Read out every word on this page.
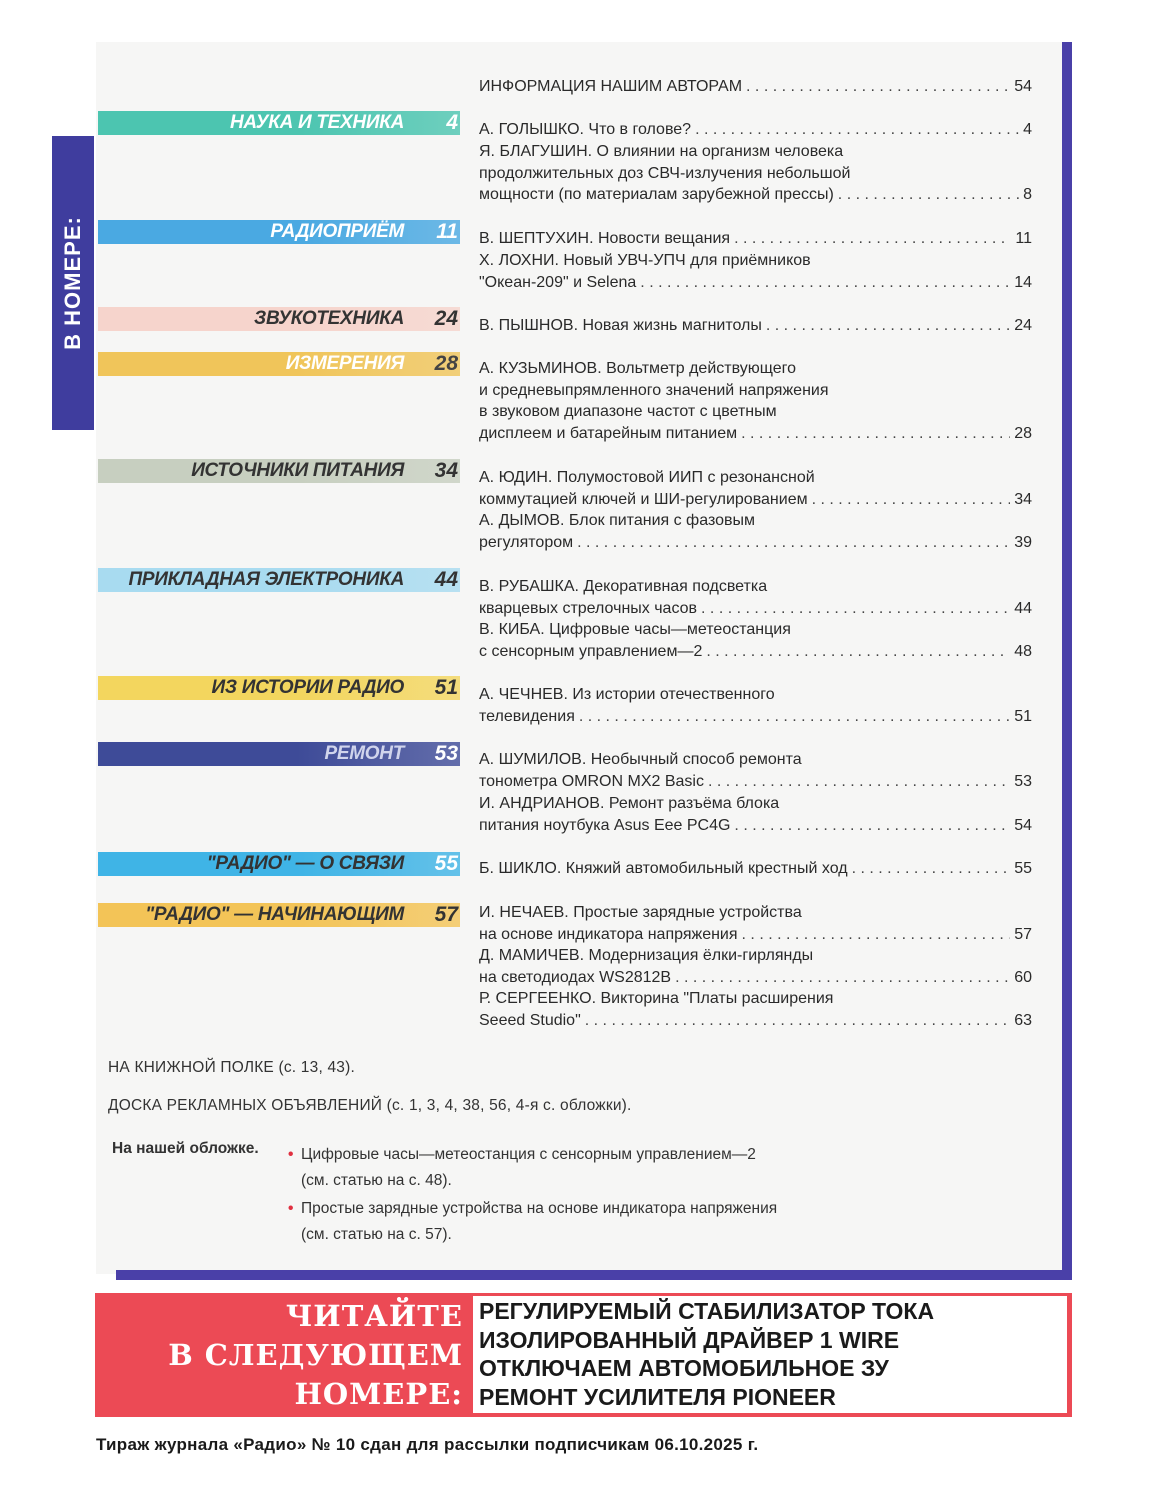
В НОМЕРЕ:
НАУКА И ТЕХНИКА 4
РАДИОПРИЁМ 11
ЗВУКОТЕХНИКА 24
ИЗМЕРЕНИЯ 28
ИСТОЧНИКИ ПИТАНИЯ 34
ПРИКЛАДНАЯ ЭЛЕКТРОНИКА 44
ИЗ ИСТОРИИ РАДИО 51
РЕМОНТ 53
"РАДИО" — О СВЯЗИ 55
"РАДИО" — НАЧИНАЮЩИМ 57
ИНФОРМАЦИЯ НАШИМ АВТОРАМ . . .	54
А. ГОЛЫШКО. Что в голове? . . .	4
Я. БЛАГУШИН. О влиянии на организм человека
продолжительных доз СВЧ-излучения небольшой
мощности (по материалам зарубежной прессы) . . .	8
В. ШЕПТУХИН. Новости вещания . . .	11
Х. ЛОХНИ. Новый УВЧ-УПЧ для приёмников
"Океан-209" и Selena . . .	14
В. ПЫШНОВ. Новая жизнь магнитолы . . .	24
А. КУЗЬМИНОВ. Вольтметр действующего
и средневыпрямленного значений напряжения
в звуковом диапазоне частот с цветным
дисплеем и батарейным питанием . . .	28
А. ЮДИН. Полумостовой ИИП с резонансной
коммутацией ключей и ШИ-регулированием . . .	34
А. ДЫМОВ. Блок питания с фазовым
регулятором . . .	39
В. РУБАШКА. Декоративная подсветка
кварцевых стрелочных часов . . .	44
В. КИБА. Цифровые часы—метеостанция
с сенсорным управлением—2 . . .	48
А. ЧЕЧНЕВ. Из истории отечественного
телевидения . . .	51
А. ШУМИЛОВ. Необычный способ ремонта
тонометра OMRON MX2 Basic . . .	53
И. АНДРИАНОВ. Ремонт разъёма блока
питания ноутбука Asus Eee PC4G . . .	54
Б. ШИКЛО. Княжий автомобильный крестный ход . . .	55
И. НЕЧАЕВ. Простые зарядные устройства
на основе индикатора напряжения . . .	57
Д. МАМИЧЕВ. Модернизация ёлки-гирлянды
на светодиодах WS2812B . . .	60
Р. СЕРГЕЕНКО. Викторина "Платы расширения
Seeed Studio" . . .	63
НА КНИЖНОЙ ПОЛКЕ (с. 13, 43).
ДОСКА РЕКЛАМНЫХ ОБЪЯВЛЕНИЙ (с. 1, 3, 4, 38, 56, 4-я с. обложки).
На нашей обложке. • Цифровые часы—метеостанция с сенсорным управлением—2
(см. статью на с. 48).
• Простые зарядные устройства на основе индикатора напряжения
(см. статью на с. 57).
ЧИТАЙТЕ
В СЛЕДУЮЩЕМ
НОМЕРЕ:
РЕГУЛИРУЕМЫЙ СТАБИЛИЗАТОР ТОКА
ИЗОЛИРОВАННЫЙ ДРАЙВЕР 1 WIRE
ОТКЛЮЧАЕМ АВТОМОБИЛЬНОЕ ЗУ
РЕМОНТ УСИЛИТЕЛЯ PIONEER
Тираж журнала «Радио» № 10 сдан для рассылки подписчикам 06.10.2025 г.
